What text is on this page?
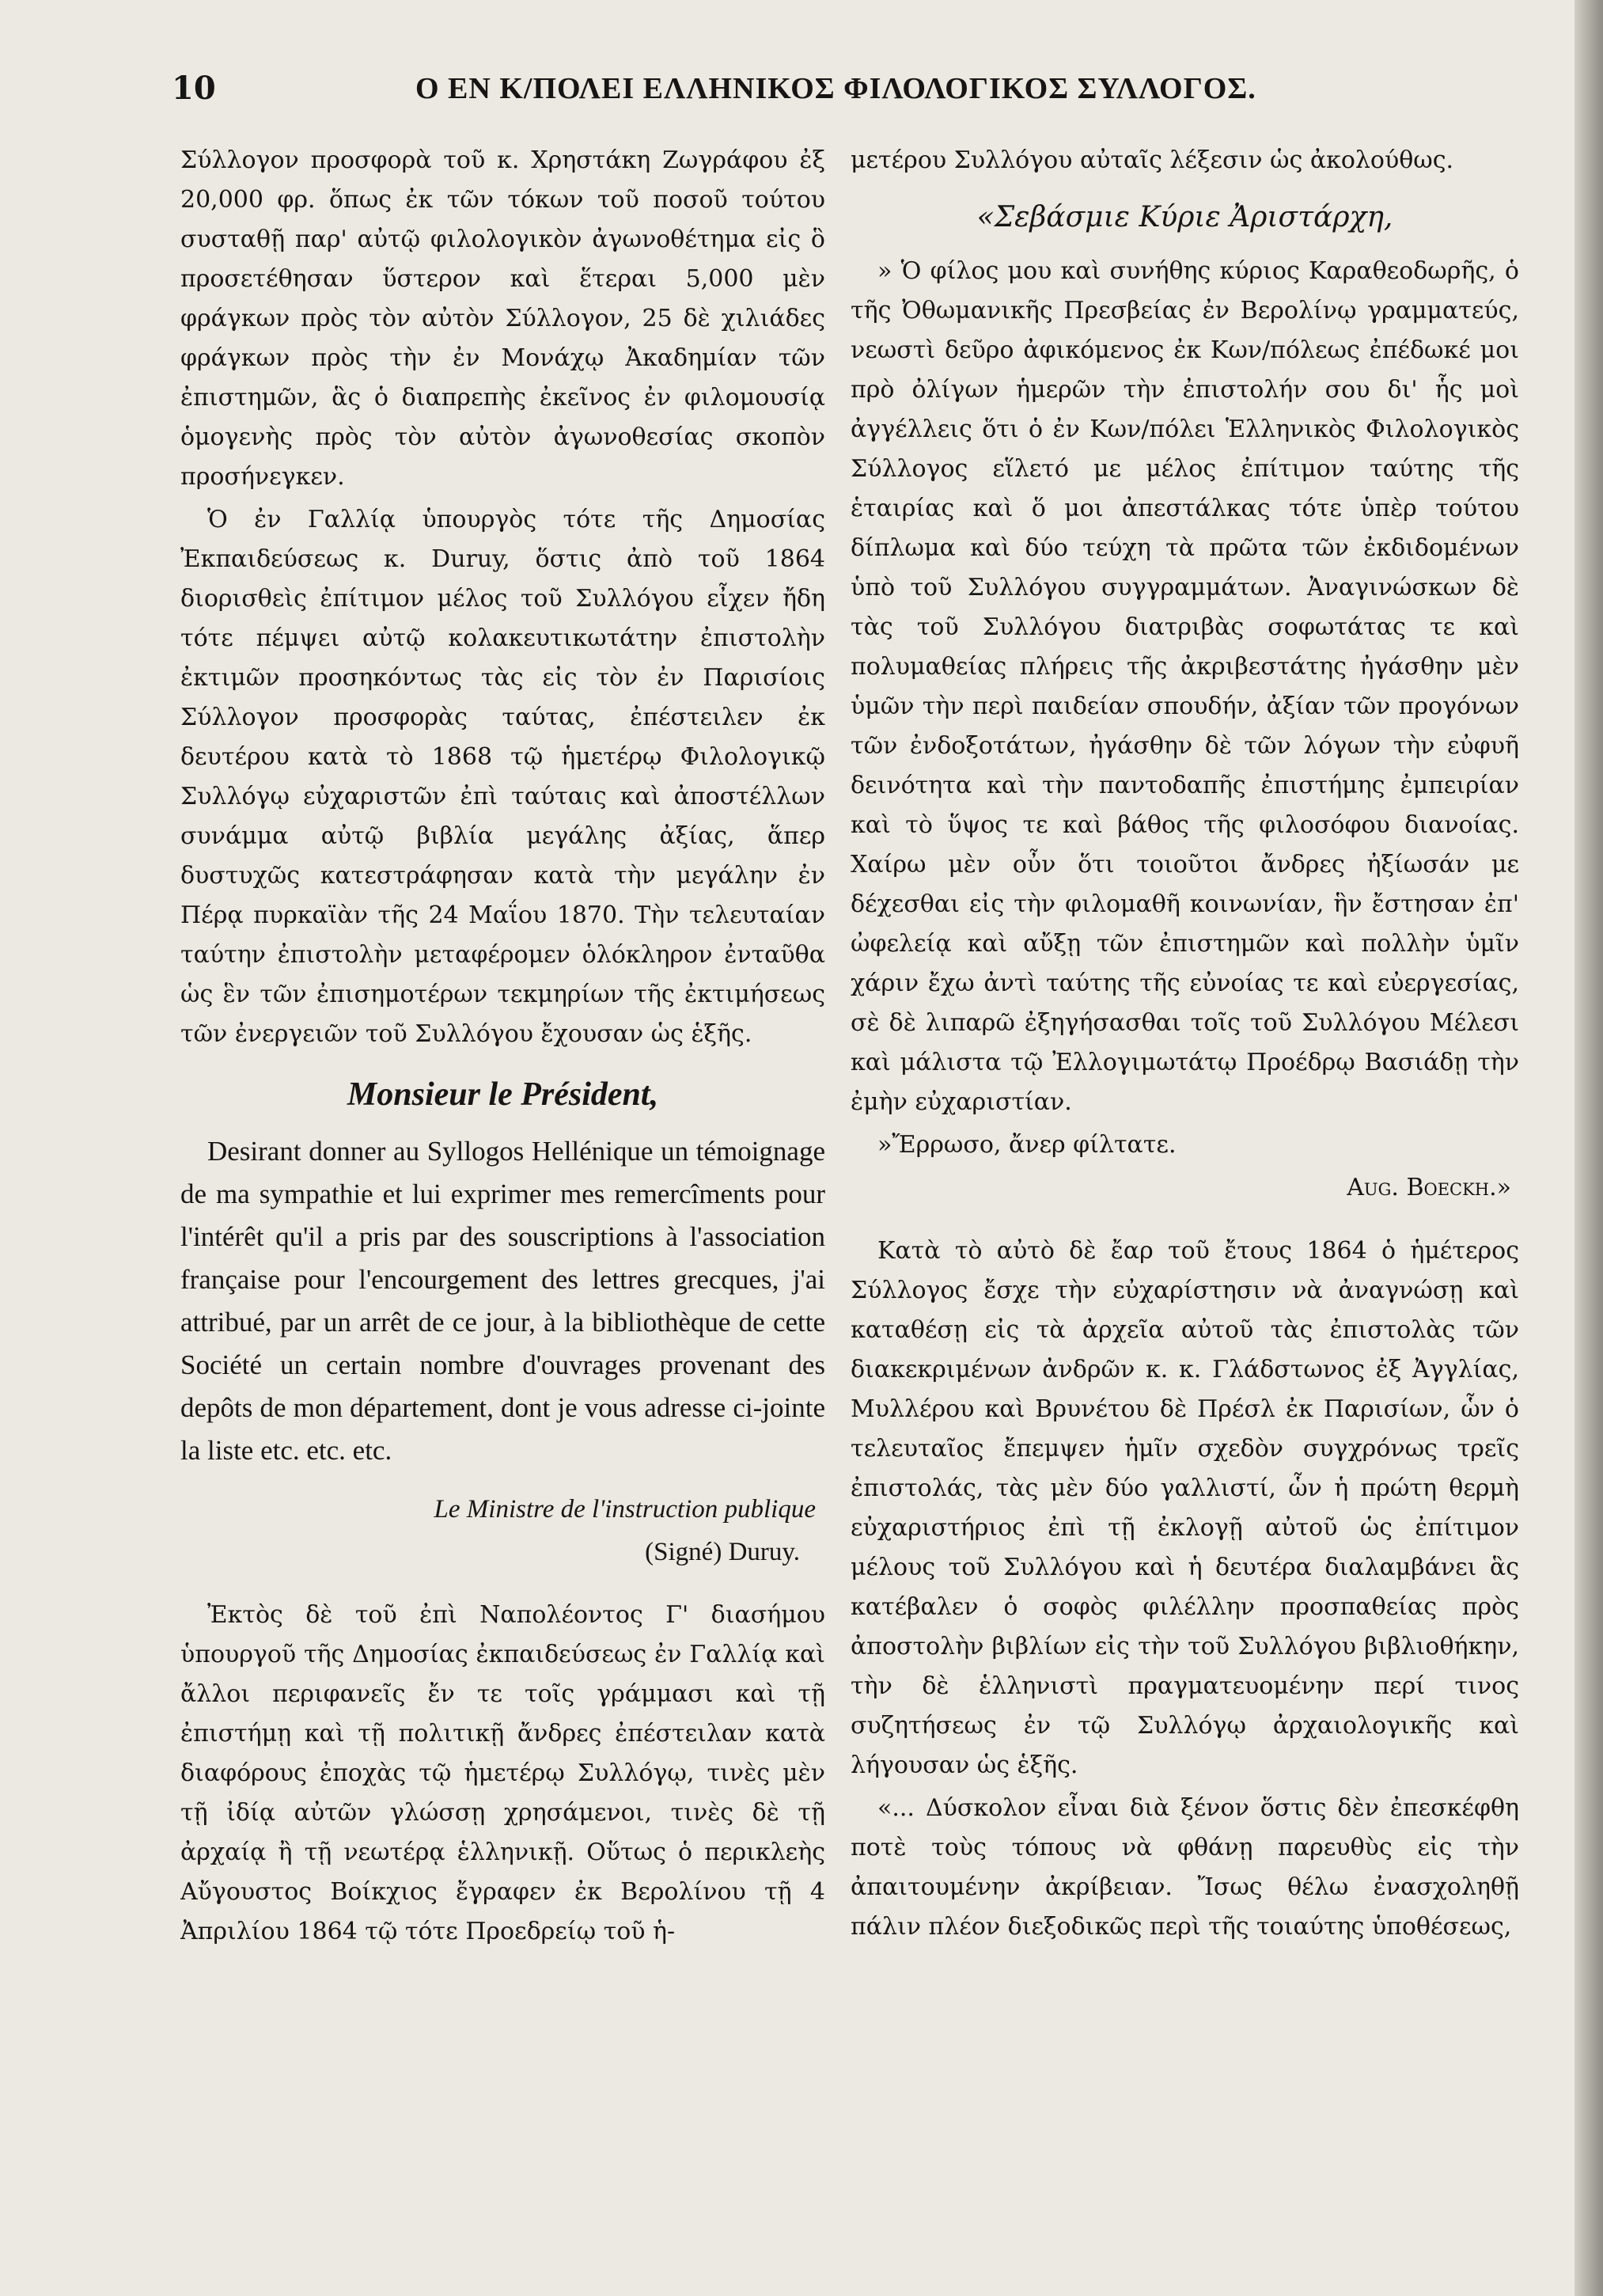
10	Ο ΕΝ Κ/ΠΟΛΕΙ ΕΛΛΗΝΙΚΟΣ ΦΙΛΟΛΟΓΙΚΟΣ ΣΥΛΛΟΓΟΣ.

Σύλλογον προσφορὰ τοῦ κ. Χρηστάκη Ζωγράφου ἐξ 20,000 φρ. ὅπως ἐκ τῶν τόκων τοῦ ποσοῦ τούτου συσταθῇ παρ' αὐτῷ φιλολογικὸν ἀγωνοθέτημα εἰς ὃ προσετέθησαν ὕστερον καὶ ἕτεραι 5,000 μὲν φράγκων πρὸς τὸν αὐτὸν Σύλλογον, 25 δὲ χιλιάδες φράγκων πρὸς τὴν ἐν Μονάχῳ Ἀκαδημίαν τῶν ἐπιστημῶν, ἃς ὁ διαπρεπὴς ἐκεῖνος ἐν φιλομουσίᾳ ὁμογενὴς πρὸς τὸν αὐτὸν ἀγωνοθεσίας σκοπὸν προσήνεγκεν.

Ὁ ἐν Γαλλίᾳ ὑπουργὸς τότε τῆς Δημοσίας Ἐκπαιδεύσεως κ. Duruy, ὅστις ἀπὸ τοῦ 1864 διορισθεὶς ἐπίτιμον μέλος τοῦ Συλλόγου εἶχεν ἤδη τότε πέμψει αὐτῷ κολακευτικωτάτην ἐπιστολὴν ἐκτιμῶν προσηκόντως τὰς εἰς τὸν ἐν Παρισίοις Σύλλογον προσφορὰς ταύτας, ἐπέστειλεν ἐκ δευτέρου κατὰ τὸ 1868 τῷ ἡμετέρῳ Φιλολογικῷ Συλλόγῳ εὐχαριστῶν ἐπὶ ταύταις καὶ ἀποστέλλων συνάμμα αὐτῷ βιβλία μεγάλης ἀξίας, ἅπερ δυστυχῶς κατεστράφησαν κατὰ τὴν μεγάλην ἐν Πέρᾳ πυρκαϊὰν τῆς 24 Μαΐου 1870. Τὴν τελευταίαν ταύτην ἐπιστολὴν μεταφέρομεν ὁλόκληρον ἐνταῦθα ὡς ἓν τῶν ἐπισημοτέρων τεκμηρίων τῆς ἐκτιμήσεως τῶν ἐνεργειῶν τοῦ Συλλόγου ἔχουσαν ὡς ἑξῆς.

Monsieur le Président,

Desirant donner au Syllogos Hellénique un témoignage de ma sympathie et lui exprimer mes remercîments pour l'intérêt qu'il a pris par des souscriptions à l'association française pour l'encourgement des lettres grecques, j'ai attribué, par un arrêt de ce jour, à la bibliothèque de cette Société un certain nombre d'ouvrages provenant des depôts de mon département, dont je vous adresse ci-jointe la liste etc. etc. etc.

Le Ministre de l'instruction publique
(Signé) Duruy.

Ἐκτὸς δὲ τοῦ ἐπὶ Ναπολέοντος Γ' διασήμου ὑπουργοῦ τῆς Δημοσίας ἐκπαιδεύσεως ἐν Γαλλίᾳ καὶ ἄλλοι περιφανεῖς ἔν τε τοῖς γράμμασι καὶ τῇ ἐπιστήμῃ καὶ τῇ πολιτικῇ ἄνδρες ἐπέστειλαν κατὰ διαφόρους ἐποχὰς τῷ ἡμετέρῳ Συλλόγῳ, τινὲς μὲν τῇ ἰδίᾳ αὐτῶν γλώσσῃ χρησάμενοι, τινὲς δὲ τῇ ἀρχαίᾳ ἢ τῇ νεωτέρᾳ ἑλληνικῇ. Οὕτως ὁ περικλεὴς Αὔγουστος Βοίκχιος ἔγραφεν ἐκ Βερολίνου τῇ 4 Ἀπριλίου 1864 τῷ τότε Προεδρείῳ τοῦ ἡ-

μετέρου Συλλόγου αὐταῖς λέξεσιν ὡς ἀκολούθως.

«Σεβάσμιε Κύριε Ἀριστάρχη,

» Ὁ φίλος μου καὶ συνήθης κύριος Καραθεοδωρῆς, ὁ τῆς Ὀθωμανικῆς Πρεσβείας ἐν Βερολίνῳ γραμματεύς, νεωστὶ δεῦρο ἀφικόμενος ἐκ Κων/πόλεως ἐπέδωκέ μοι πρὸ ὀλίγων ἡμερῶν τὴν ἐπιστολήν σου δι' ἧς μοὶ ἀγγέλλεις ὅτι ὁ ἐν Κων/πόλει Ἑλληνικὸς Φιλολογικὸς Σύλλογος εἵλετό με μέλος ἐπίτιμον ταύτης τῆς ἑταιρίας καὶ ὅ μοι ἀπεστάλκας τότε ὑπὲρ τούτου δίπλωμα καὶ δύο τεύχη τὰ πρῶτα τῶν ἐκδιδομένων ὑπὸ τοῦ Συλλόγου συγγραμμάτων. Ἀναγινώσκων δὲ τὰς τοῦ Συλλόγου διατριβὰς σοφωτάτας τε καὶ πολυμαθείας πλήρεις τῆς ἀκριβεστάτης ἠγάσθην μὲν ὑμῶν τὴν περὶ παιδείαν σπουδήν, ἀξίαν τῶν προγόνων τῶν ἐνδοξοτάτων, ἠγάσθην δὲ τῶν λόγων τὴν εὐφυῆ δεινότητα καὶ τὴν παντοδαπῆς ἐπιστήμης ἐμπειρίαν καὶ τὸ ὕψος τε καὶ βάθος τῆς φιλοσόφου διανοίας. Χαίρω μὲν οὖν ὅτι τοιοῦτοι ἄνδρες ἠξίωσάν με δέχεσθαι εἰς τὴν φιλομαθῆ κοινωνίαν, ἣν ἔστησαν ἐπ' ὠφελείᾳ καὶ αὔξῃ τῶν ἐπιστημῶν καὶ πολλὴν ὑμῖν χάριν ἔχω ἀντὶ ταύτης τῆς εὐνοίας τε καὶ εὐεργεσίας, σὲ δὲ λιπαρῶ ἐξηγήσασθαι τοῖς τοῦ Συλλόγου Μέλεσι καὶ μάλιστα τῷ Ἐλλογιμωτάτῳ Προέδρῳ Βασιάδῃ τὴν ἐμὴν εὐχαριστίαν.

»Ἔρρωσο, ἄνερ φίλτατε.

Aug. Boeckh.»

Κατὰ τὸ αὐτὸ δὲ ἔαρ τοῦ ἔτους 1864 ὁ ἡμέτερος Σύλλογος ἔσχε τὴν εὐχαρίστησιν νὰ ἀναγνώσῃ καὶ καταθέσῃ εἰς τὰ ἀρχεῖα αὐτοῦ τὰς ἐπιστολὰς τῶν διακεκριμένων ἀνδρῶν κ. κ. Γλάδστωνος ἐξ Ἀγγλίας, Μυλλέρου καὶ Βρυνέτου δὲ Πρέσλ ἐκ Παρισίων, ὧν ὁ τελευταῖος ἔπεμψεν ἡμῖν σχεδὸν συγχρόνως τρεῖς ἐπιστολάς, τὰς μὲν δύο γαλλιστί, ὧν ἡ πρώτη θερμὴ εὐχαριστήριος ἐπὶ τῇ ἐκλογῇ αὐτοῦ ὡς ἐπίτιμον μέλους τοῦ Συλλόγου καὶ ἡ δευτέρα διαλαμβάνει ἃς κατέβαλεν ὁ σοφὸς φιλέλλην προσπαθείας πρὸς ἀποστολὴν βιβλίων εἰς τὴν τοῦ Συλλόγου βιβλιοθήκην, τὴν δὲ ἑλληνιστὶ πραγματευομένην περί τινος συζητήσεως ἐν τῷ Συλλόγῳ ἀρχαιολογικῆς καὶ λήγουσαν ὡς ἑξῆς.

«... Δύσκολον εἶναι διὰ ξένον ὅστις δὲν ἐπεσκέφθη ποτὲ τοὺς τόπους νὰ φθάνῃ παρευθὺς εἰς τὴν ἀπαιτουμένην ἀκρίβειαν. Ἴσως θέλω ἐνασχοληθῇ πάλιν πλέον διεξοδικῶς περὶ τῆς τοιαύτης ὑποθέσεως,
